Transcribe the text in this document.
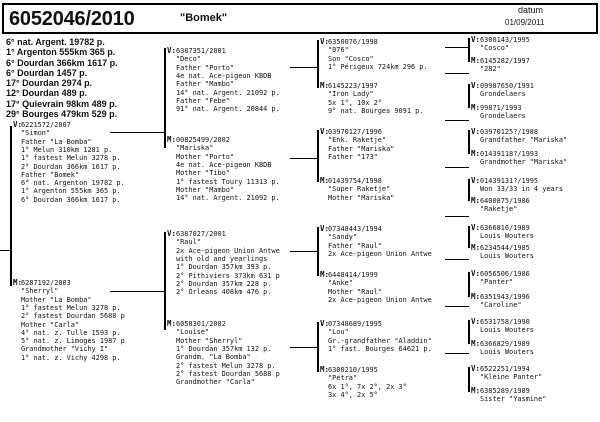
6052046/2010	"Bomek"
datum
01/09/2011
6° nat. Argent. 19782 p.
1° Argenton 555km 365 p.
6° Dourdan 366km 1617 p.
6° Dourdan 1457 p.
17° Dourdan 2974 p.
12° Dourdan 489 p.
17° Quievrain 98km 489 p.
29° Bourges 479km 529 p.
V:
6221572/2007
"Simon"
Father "La Bomba"
1° Melun 310km 1281 p.
1° fastest Melun 3278 p.
2° Dourdan 366km 1617 p.
Father "Bomek"
6° nat. Argenton 19782 p.
1° Argenton 555km 365 p.
6° Dourdan 366km 1617 p.
M:
6287192/2003
"Sherryl"
Mother "La Bomba"
1° fastest Melun 3278 p.
2° fastest Dourdan 5688 p
Mother "Carla"
4° nat. z. Tulle 1593 p.
5° nat. z. Limoges 1987 p
Grandmother "Vichy I"
1° nat. z. Vichy 4298 p.
V: 6387351/2001
"Deco"
Father "Porto"
4e nat. Ace-pigeon KBDB
Father "Mambo"
14° nat. Argent. 21092 p.
Father "Febe"
91° nat. Argent. 20844 p.
M: 00825499/2002
"Mariska"
Mother "Porto"
4e nat. Ace-pigeon KBDB
Mother "Tibo"
1° fastest Toury 11313 p.
Mother "Mambo"
14° nat. Argent. 21092 p.
V: 6387027/2001
"Raul"
2x Ace-pigeon Union Antwe
with old and yearlings
1° Dourdan 357km 393 p.
2° Pithiviers 373km 631 p
2° Dourdan 357km 228 p.
2° Orleans 408km 476 p.
M: 6058301/2002
"Louise"
Mother "Sherryl"
1° Dourdan 357km 132 p.
Grandm. "La Bomba"
2° fastest Melun 3278 p.
2° fastest Dourdan 5688 p
Grandmother "Carla"
V:
6350076/1998
"076"
Son "Cosco"
1° Périgeux 724km 296 p.
M:
6145223/1997
"Iron Lady"
5x 1°, 10x 2°
9° nat. Bourges 9091 p.
V:
03970127/1996
"Enk. Raketje"
Father "Mariska"
Father "173"
M:
01439754/1998
"Super Raketje"
Mother "Mariska"
V:
07348443/1994
"Sandy"
Father "Raul"
2x Ace-pigeon Union Antwe
M:
6448414/1999
"Anke"
Mother "Raul"
2x Ace-pigeon Union Antwe
V:
07348689/1995
"Lou"
Gr.-grandfather "Aladdin"
1° fast. Bourges 64621 p.
M:
6300210/1995
"Petra"
6x 1°, 7x 2°, 2x 3°
3x 4°, 2x 5°
V: 6300143/1995
"Cosco"
M: 6145282/1997
"282"
V: 09987650/1991
Grondelaers
M: 99871/1993
Grondelaers
V: 03970125?/1988
Grandfather "Mariska"
M: 01439118?/1993
Grandmother "Mariska"
V: 01439131?/1995
Won 33/33 in 4 years
M: 6400875/1986
"Raketje"
V: 6366816/1989
Louis Wouters
M: 6234544/1985
Louis Wouters
V: 6056506/1986
"Panter"
M: 6351943/1996
"Caroline"
V: 6531758/1990
Louis Wouters
M: 6366829/1989
Louis Wouters
V: 6522251/1994
"Kleine Panter"
M: 6385289/1989
Sister "Yasmine"
